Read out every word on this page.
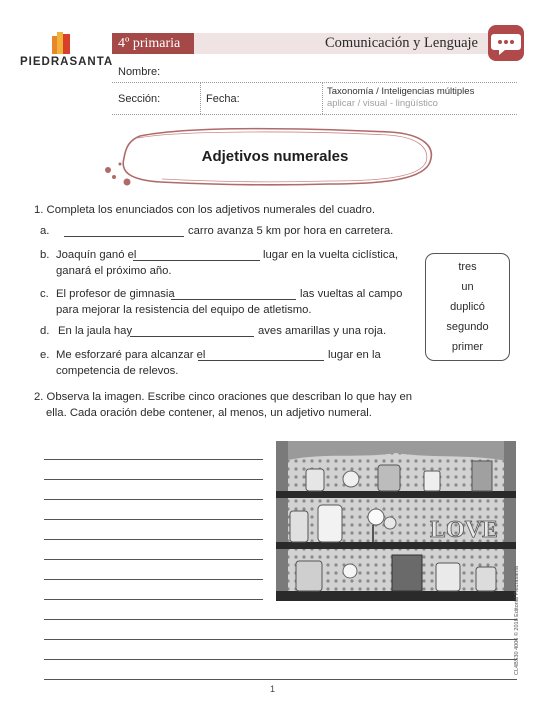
PIEDRASANTA
4º primaria	Comunicación y Lenguaje
Nombre:
Sección:	Fecha:
Taxonomía / Inteligencias múltiples
aplicar / visual - lingüístico
Adjetivos numerales
1. Completa los enunciados con los adjetivos numerales del cuadro.
a.	carro avanza 5 km por hora en carretera.
b. Joaquín ganó el	lugar en la vuelta ciclística,
ganará el próximo año.
c. El profesor de gimnasia	las vueltas al campo
para mejorar la resistencia del equipo de atletismo.
d. En la jaula hay	aves amarillas y una roja.
e. Me esforzaré para alcanzar el	lugar en la
competencia de relevos.
tres
un
duplicó
segundo
primer
2. Observa la imagen. Escribe cinco oraciones que describan lo que hay en
ella. Cada oración debe contener, al menos, un adjetivo numeral.
LOVE
CL4BS30 4006 © 2018 Editorial Piedrasanta
1
